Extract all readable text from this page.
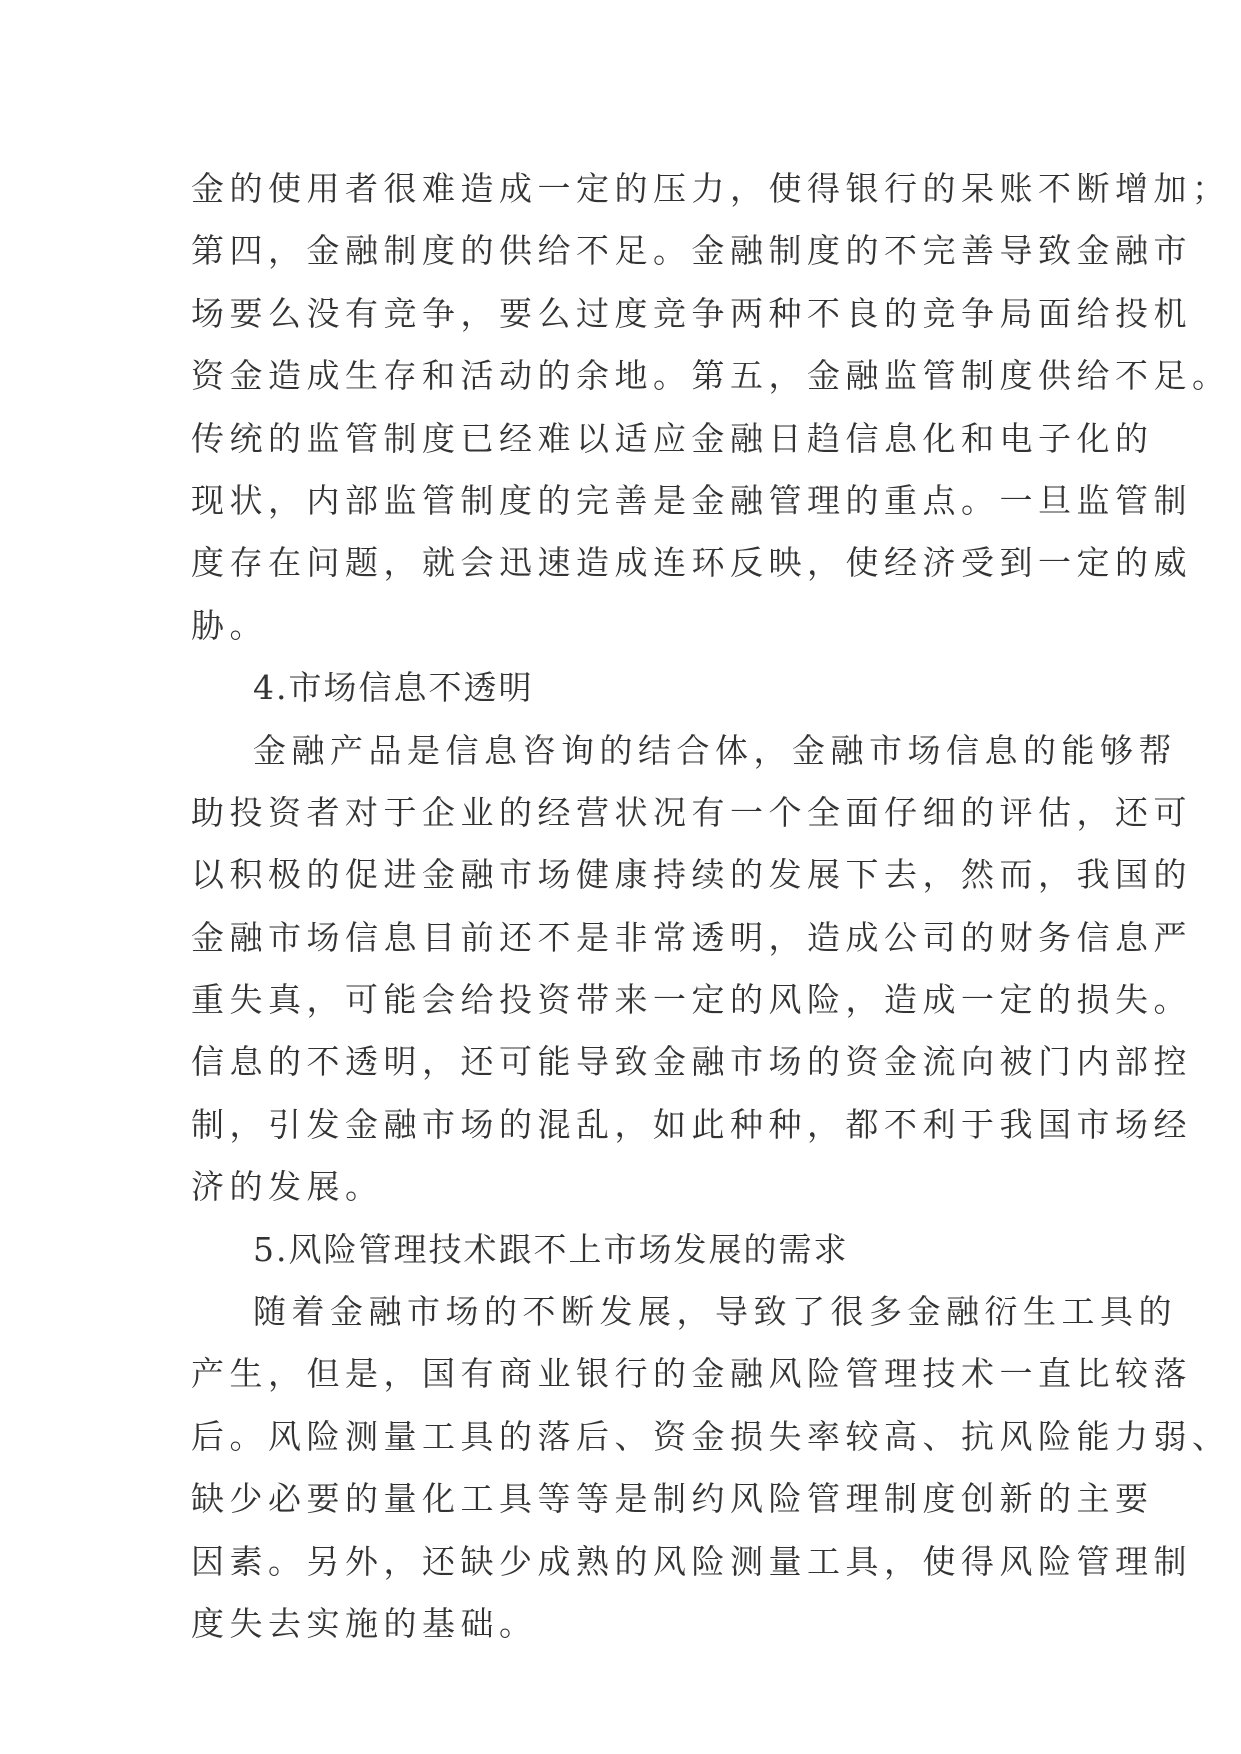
金的使用者很难造成一定的压力，使得银行的呆账不断增加；
第四，金融制度的供给不足。金融制度的不完善导致金融市
场要么没有竞争，要么过度竞争两种不良的竞争局面给投机
资金造成生存和活动的余地。第五，金融监管制度供给不足。
传统的监管制度已经难以适应金融日趋信息化和电子化的
现状，内部监管制度的完善是金融管理的重点。一旦监管制
度存在问题，就会迅速造成连环反映，使经济受到一定的威
胁。
4.市场信息不透明
金融产品是信息咨询的结合体，金融市场信息的能够帮
助投资者对于企业的经营状况有一个全面仔细的评估，还可
以积极的促进金融市场健康持续的发展下去，然而，我国的
金融市场信息目前还不是非常透明，造成公司的财务信息严
重失真，可能会给投资带来一定的风险，造成一定的损失。
信息的不透明，还可能导致金融市场的资金流向被门内部控
制，引发金融市场的混乱，如此种种，都不利于我国市场经
济的发展。
5.风险管理技术跟不上市场发展的需求
随着金融市场的不断发展，导致了很多金融衍生工具的
产生，但是，国有商业银行的金融风险管理技术一直比较落
后。风险测量工具的落后、资金损失率较高、抗风险能力弱、
缺少必要的量化工具等等是制约风险管理制度创新的主要
因素。另外，还缺少成熟的风险测量工具，使得风险管理制
度失去实施的基础。
